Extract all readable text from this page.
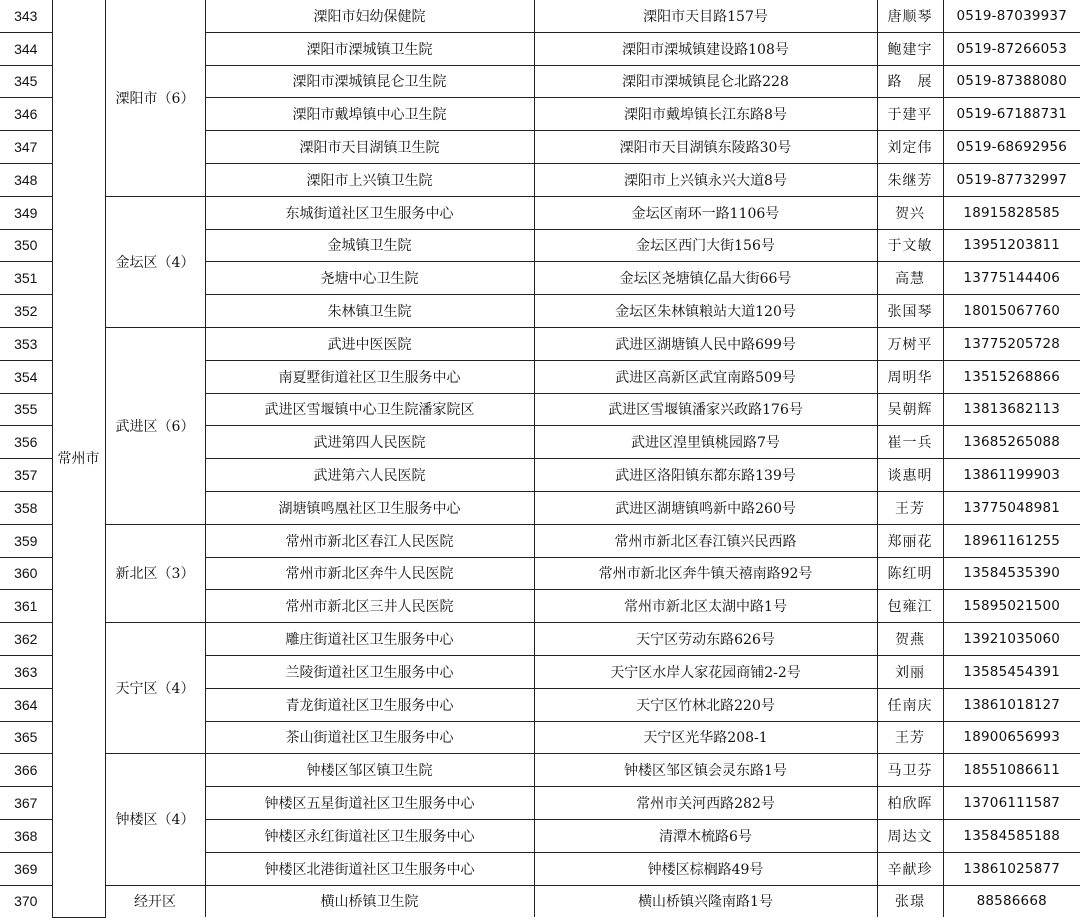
343	常州市	溧阳市（6）	溧阳市妇幼保健院	溧阳市天目路157号	唐顺琴	0519-87039937
344			溧阳市溧城镇卫生院	溧阳市溧城镇建设路108号	鲍建宇	0519-87266053
345			溧阳市溧城镇昆仑卫生院	溧阳市溧城镇昆仑北路228	路　展	0519-87388080
346			溧阳市戴埠镇中心卫生院	溧阳市戴埠镇长江东路8号	于建平	0519-67188731
347			溧阳市天目湖镇卫生院	溧阳市天目湖镇东陵路30号	刘定伟	0519-68692956
348			溧阳市上兴镇卫生院	溧阳市上兴镇永兴大道8号	朱继芳	0519-87732997
349		金坛区（4）	东城街道社区卫生服务中心	金坛区南环一路1106号	贺兴	18915828585
350			金城镇卫生院	金坛区西门大街156号	于文敏	13951203811
351			尧塘中心卫生院	金坛区尧塘镇亿晶大街66号	高慧	13775144406
352			朱林镇卫生院	金坛区朱林镇粮站大道120号	张国琴	18015067760
353		武进区（6）	武进中医医院	武进区湖塘镇人民中路699号	万树平	13775205728
354			南夏墅街道社区卫生服务中心	武进区高新区武宜南路509号	周明华	13515268866
355			武进区雪堰镇中心卫生院潘家院区	武进区雪堰镇潘家兴政路176号	吴朝辉	13813682113
356			武进第四人民医院	武进区湟里镇桃园路7号	崔一兵	13685265088
357			武进第六人民医院	武进区洛阳镇东都东路139号	谈惠明	13861199903
358			湖塘镇鸣凰社区卫生服务中心	武进区湖塘镇鸣新中路260号	王芳	13775048981
359		新北区（3）	常州市新北区春江人民医院	常州市新北区春江镇兴民西路	郑丽花	18961161255
360			常州市新北区奔牛人民医院	常州市新北区奔牛镇天禧南路92号	陈红明	13584535390
361			常州市新北区三井人民医院	常州市新北区太湖中路1号	包雍江	15895021500
362		天宁区（4）	雕庄街道社区卫生服务中心	天宁区劳动东路626号	贺燕	13921035060
363			兰陵街道社区卫生服务中心	天宁区水岸人家花园商铺2-2号	刘丽	13585454391
364			青龙街道社区卫生服务中心	天宁区竹林北路220号	任南庆	13861018127
365			茶山街道社区卫生服务中心	天宁区光华路208-1	王芳	18900656993
366		钟楼区（4）	钟楼区邹区镇卫生院	钟楼区邹区镇会灵东路1号	马卫芬	18551086611
367			钟楼区五星街道社区卫生服务中心	常州市关河西路282号	柏欣晖	13706111587
368			钟楼区永红街道社区卫生服务中心	清潭木梳路6号	周达文	13584585188
369			钟楼区北港街道社区卫生服务中心	钟楼区棕榈路49号	辛献珍	13861025877
370		经开区	横山桥镇卫生院	横山桥镇兴隆南路1号	张璟	88586668
